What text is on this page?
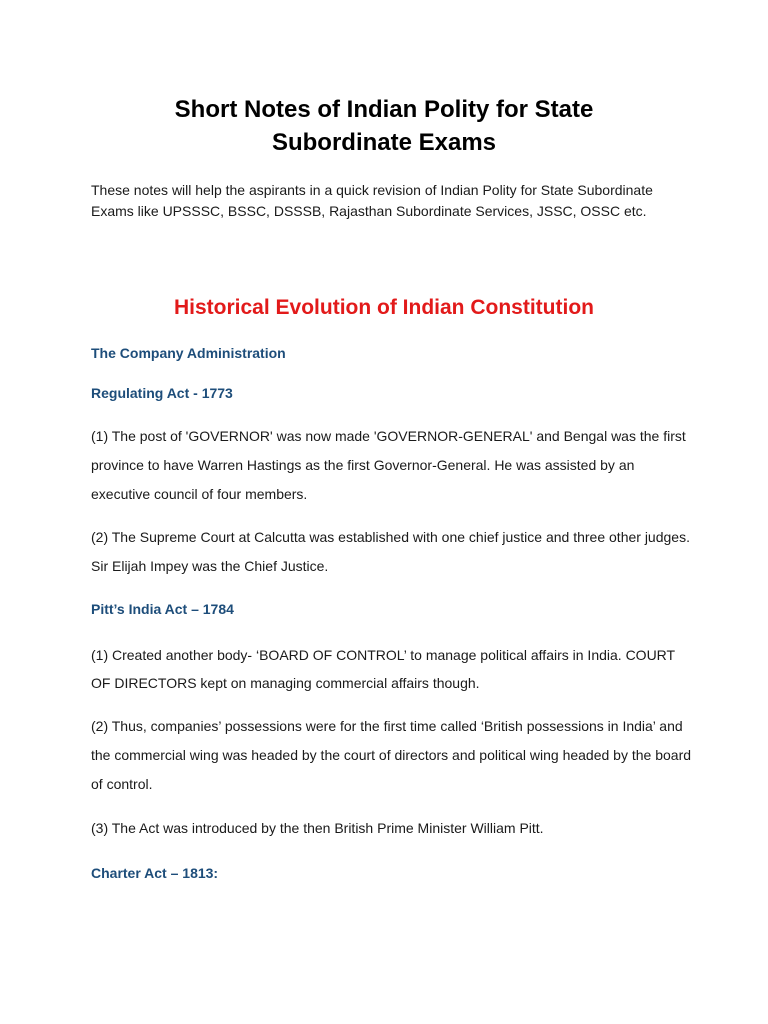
Short Notes of Indian Polity for State
Subordinate Exams

These notes will help the aspirants in a quick revision of Indian Polity for State Subordinate Exams like UPSSSC, BSSC, DSSSB, Rajasthan Subordinate Services, JSSC, OSSC etc.

Historical Evolution of Indian Constitution
The Company Administration
Regulating Act - 1773

(1) The post of 'GOVERNOR' was now made 'GOVERNOR-GENERAL' and Bengal was the first province to have Warren Hastings as the first Governor-General. He was assisted by an executive council of four members.

(2) The Supreme Court at Calcutta was established with one chief justice and three other judges. Sir Elijah Impey was the Chief Justice.

Pitt’s India Act – 1784

(1) Created another body- ‘BOARD OF CONTROL’ to manage political affairs in India. COURT OF DIRECTORS kept on managing commercial affairs though.

(2) Thus, companies’ possessions were for the first time called ‘British possessions in India’ and the commercial wing was headed by the court of directors and political wing headed by the board of control.

(3) The Act was introduced by the then British Prime Minister William Pitt.

Charter Act – 1813:
